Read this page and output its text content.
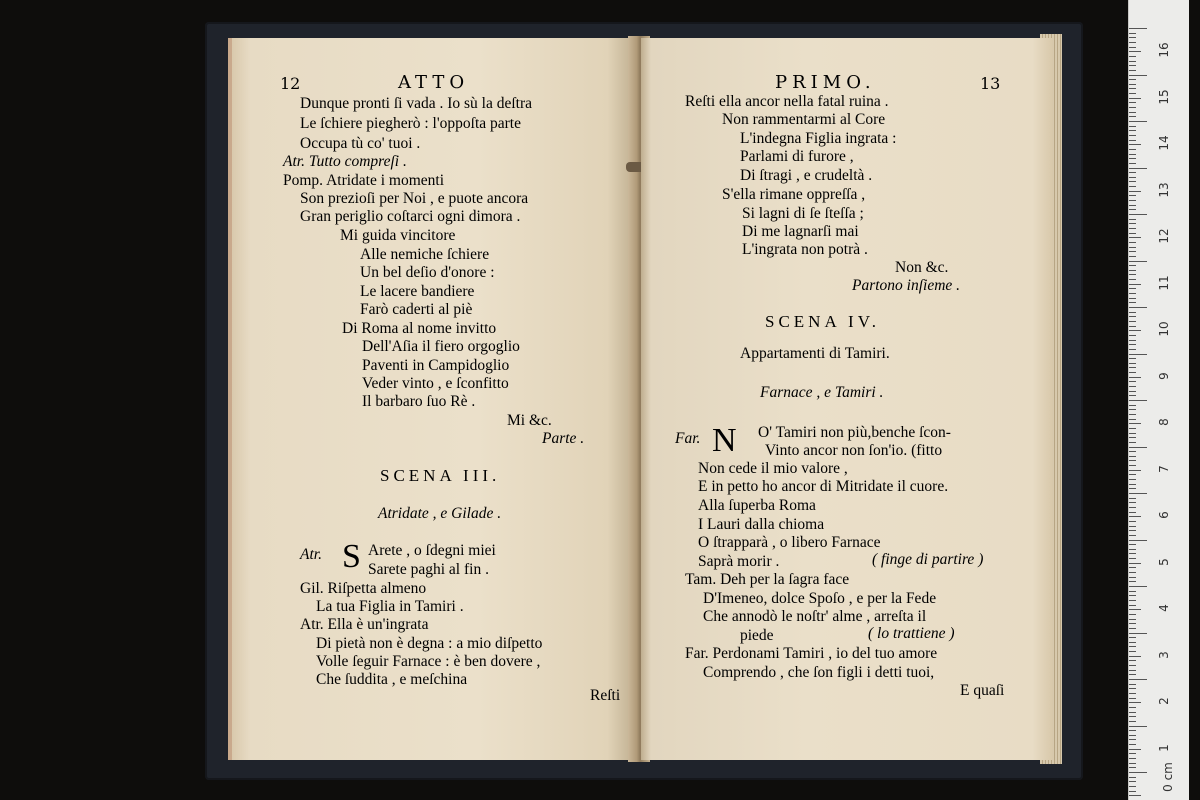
12	ATTO
Dunque pronti ſi vada . Io sù la deſtra
Le ſchiere piegherò : l'oppoſta parte
Occupa tù co' tuoi .
Atr. Tutto compreſi .
Pomp. Atridate i momenti
Son prezioſi per Noi , e puote ancora
Gran periglio coſtarci ogni dimora .
Mi guida vincitore
Alle nemiche ſchiere
Un bel deſio d'onore :
Le lacere bandiere
Farò caderti al piè
Di Roma al nome invitto
Dell'Aſia il fiero orgoglio
Paventi in Campidoglio
Veder vinto , e ſconfitto
Il barbaro ſuo Rè .
Mi &c.
Parte .
SCENA III.
Atridate , e Gilade .
Atr. S Arete , o ſdegni miei
Sarete paghi al fin .
Gil. Riſpetta almeno
La tua Figlia in Tamiri .
Atr. Ella è un'ingrata
Di pietà non è degna : a mio diſpetto
Volle ſeguir Farnace : è ben dovere ,
Che ſuddita , e meſchina
Reſti
PRIMO.	13
Reſti ella ancor nella fatal ruina .
Non rammentarmi al Core
L'indegna Figlia ingrata :
Parlami di furore ,
Di ſtragi , e crudeltà .
S'ella rimane oppreſſa ,
Si lagni di ſe ſteſſa ;
Di me lagnarſi mai
L'ingrata non potrà .
Non &c.
Partono inſieme .
SCENA IV.
Appartamenti di Tamiri.
Farnace , e Tamiri .
Far. N O' Tamiri non più,benche ſcon-
Vinto ancor non ſon'io. (fitto
Non cede il mio valore ,
E in petto ho ancor di Mitridate il cuore.
Alla ſuperba Roma
I Lauri dalla chioma
O ſtrapparà , o libero Farnace
Saprà morir .	( finge di partire )
Tam. Deh per la ſagra face
D'Imeneo, dolce Spoſo , e per la Fede
Che annodò le noſtr' alme , arreſta il
piede	( lo trattiene )
Far. Perdonami Tamiri , io del tuo amore
Comprendo , che ſon figli i detti tuoi,
E quaſi
0 cm
16
15
14
13
12
11
10
9
8
7
6
5
4
3
2
1
